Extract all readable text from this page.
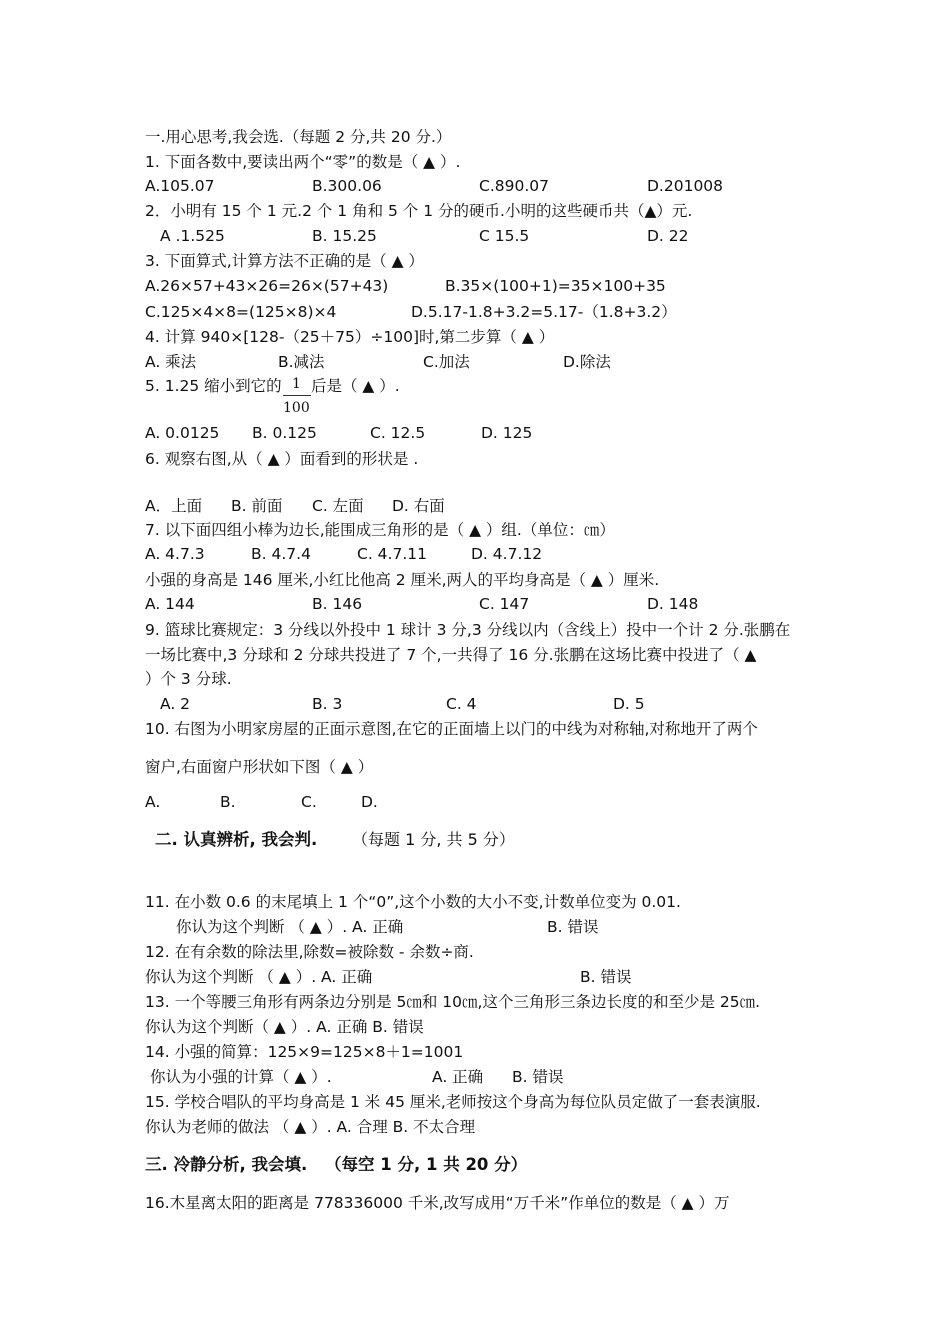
一.用心思考,我会选.（每题 2 分,共 20 分.）
1. 下面各数中,要读出两个“零”的数是（ ▲ ）.
A.105.07	B.300.06	C.890.07	D.201008
2．小明有 15 个 1 元.2 个 1 角和 5 个 1 分的硬币.小明的这些硬币共（▲）元.
A .1.525	B. 15.25	C 15.5	D. 22
3. 下面算式,计算方法不正确的是（ ▲ ）
A.26×57+43×26=26×(57+43)	B.35×(100+1)=35×100+35
C.125×4×8=(125×8)×4	D.5.17-1.8+3.2=5.17-（1.8+3.2）
4. 计算 940×[128-（25＋75）÷100]时,第二步算（ ▲ ）
A. 乘法	B.减法	C.加法	D.除法
5. 1.25 缩小到它的 1
100
后是（ ▲ ）.
A. 0.0125 B. 0.125	C. 12.5	D. 125
6. 观察右图,从（ ▲ ）面看到的形状是 .
A．上面 B. 前面 C. 左面 D. 右面
7. 以下面四组小棒为边长,能围成三角形的是（ ▲ ）组.（单位：㎝）
A. 4.7.3	B. 4.7.4	C. 4.7.11	D. 4.7.12
小强的身高是 146 厘米,小红比他高 2 厘米,两人的平均身高是（ ▲ ）厘米.
A. 144	B. 146	C. 147	D. 148
9. 篮球比赛规定：3 分线以外投中 1 球计 3 分,3 分线以内（含线上）投中一个计 2 分.张鹏在
一场比赛中,3 分球和 2 分球共投进了 7 个,一共得了 16 分.张鹏在这场比赛中投进了（ ▲
）个 3 分球.
A. 2	B. 3	C. 4	D. 5
10. 右图为小明家房屋的正面示意图,在它的正面墙上以门的中线为对称轴,对称地开了两个
窗户,右面窗户形状如下图（ ▲ ）
A.	B.	C.	D.
二. 认真辨析, 我会判. （每题 1 分, 共 5 分）
11. 在小数 0.6 的末尾填上 1 个“0”,这个小数的大小不变,计数单位变为 0.01.
你认为这个判断 （ ▲ ）. A. 正确	B. 错误
12. 在有余数的除法里,除数=被除数 - 余数÷商.
你认为这个判断 （ ▲ ）. A. 正确	B. 错误
13. 一个等腰三角形有两条边分别是 5㎝和 10㎝,这个三角形三条边长度的和至少是 25㎝.
你认为这个判断（ ▲ ）. A. 正确 B. 错误
14. 小强的简算：125×9=125×8＋1=1001
你认为小强的计算（ ▲ ）.	A. 正确 B. 错误
15. 学校合唱队的平均身高是 1 米 45 厘米,老师按这个身高为每位队员定做了一套表演服.
你认为老师的做法 （ ▲ ）. A. 合理 B. 不太合理
三. 冷静分析, 我会填. （每空 1 分, 1 共 20 分）
16.木星离太阳的距离是 778336000 千米,改写成用“万千米”作单位的数是（ ▲ ）万
